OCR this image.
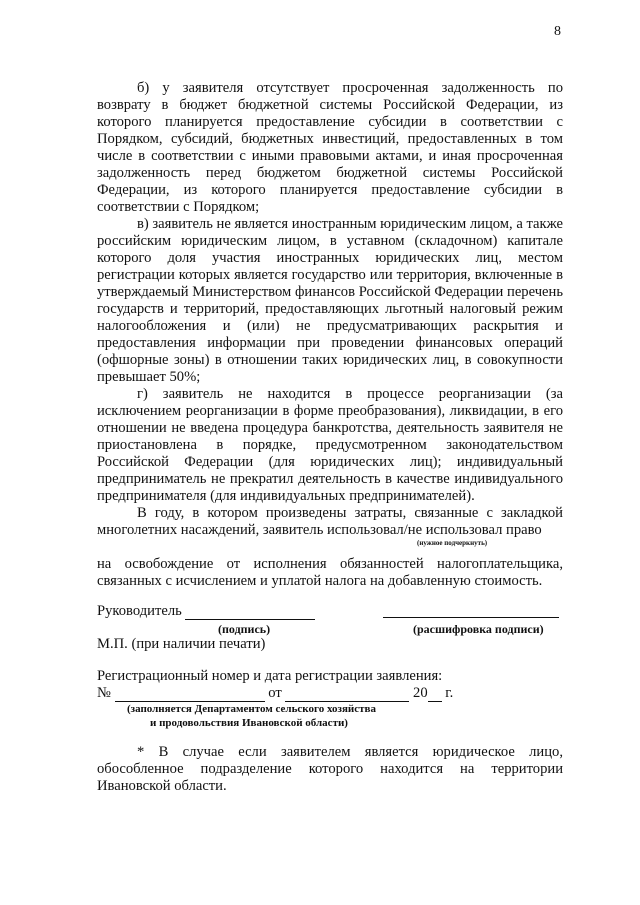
8

б) у заявителя отсутствует просроченная задолженность по возврату в бюджет бюджетной системы Российской Федерации, из которого планируется предоставление субсидии в соответствии с Порядком, субсидий, бюджетных инвестиций, предоставленных в том числе в соответствии с иными правовыми актами, и иная просроченная задолженность перед бюджетом бюджетной системы Российской Федерации, из которого планируется предоставление субсидии в соответствии с Порядком;

в) заявитель не является иностранным юридическим лицом, а также российским юридическим лицом, в уставном (складочном) капитале которого доля участия иностранных юридических лиц, местом регистрации которых является государство или территория, включенные в утверждаемый Министерством финансов Российской Федерации перечень государств и территорий, предоставляющих льготный налоговый режим налогообложения и (или) не предусматривающих раскрытия и предоставления информации при проведении финансовых операций (офшорные зоны) в отношении таких юридических лиц, в совокупности превышает 50%;

г) заявитель не находится в процессе реорганизации (за исключением реорганизации в форме преобразования), ликвидации, в его отношении не введена процедура банкротства, деятельность заявителя не приостановлена в порядке, предусмотренном законодательством Российской Федерации (для юридических лиц); индивидуальный предприниматель не прекратил деятельность в качестве индивидуального предпринимателя (для индивидуальных предпринимателей).

В году, в котором произведены затраты, связанные с закладкой многолетних насаждений, заявитель использовал/не использовал право
(нужное подчеркнуть)

на освобождение от исполнения обязанностей налогоплательщика, связанных с исчислением и уплатой налога на добавленную стоимость.

Руководитель
(подпись)	(расшифровка подписи)
М.П. (при наличии печати)
Регистрационный номер и дата регистрации заявления:
№	от	20 г.
(заполняется Департаментом сельского хозяйства
и продовольствия Ивановской области)

* В случае если заявителем является юридическое лицо, обособленное подразделение которого находится на территории Ивановской области.
